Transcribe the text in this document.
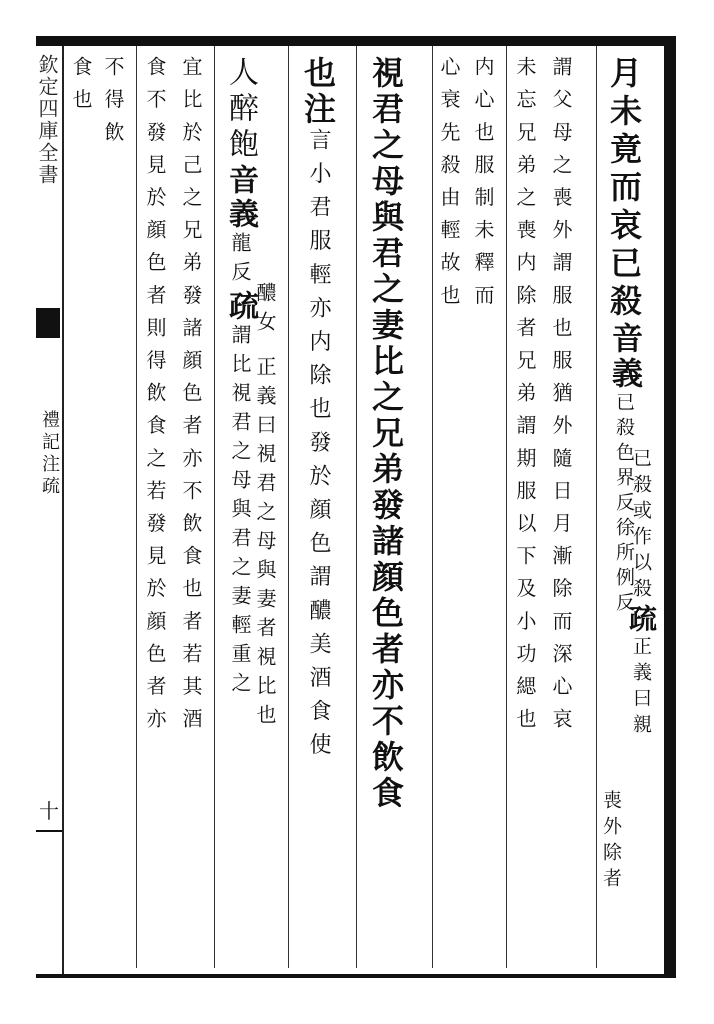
欽定四庫全書
禮記注疏
十
月未竟而哀已殺音義已殺色界反徐所例反
已殺或作以殺疏正義曰親
喪外除者
謂父母之喪外謂服也服猶外隨日月漸除而深心哀
未忘兄弟之喪内除者兄弟謂期服以下及小功緦也
内心也服制未釋而
心衰先殺由輕故也
視君之母與君之妻比之兄弟發諸顔色者亦不飲食
也注言小君服輕亦内除也發於顔色謂醲美酒食使
人醉飽音義龍反疏謂比視君之母與君之妻輕重之
醲女正義曰視君之母與妻者視比也
宜比於己之兄弟發諸顔色者亦不飲食也者若其酒
食不發見於顔色者則得飲食之若發見於顔色者亦
不得飲
食也
